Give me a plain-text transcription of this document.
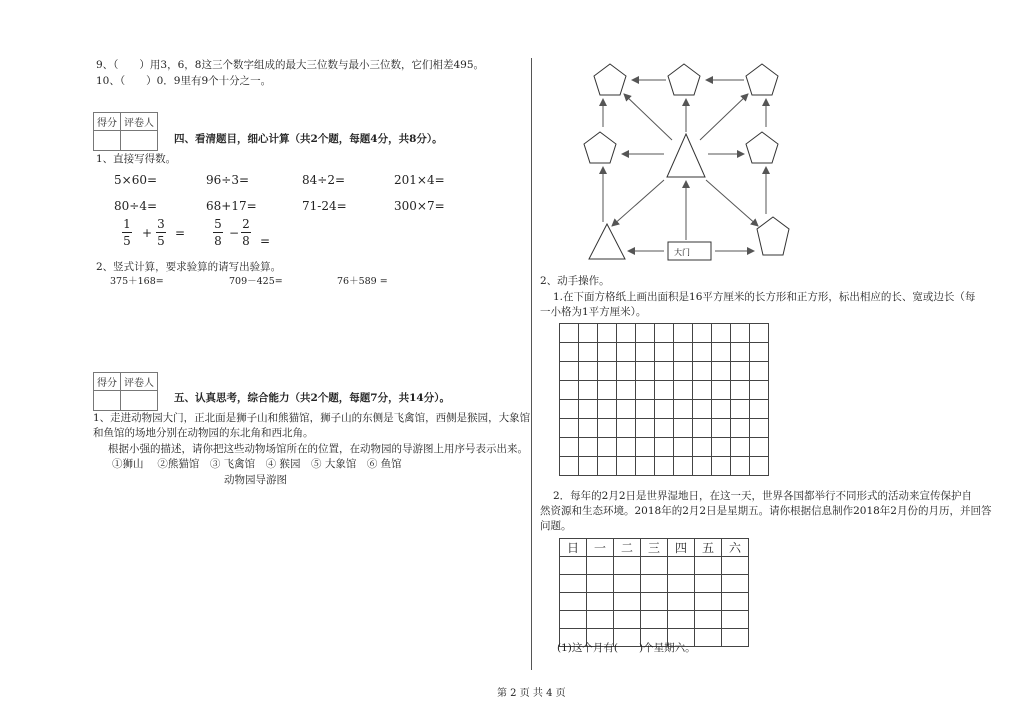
9、（　　）用3，6，8这三个数字组成的最大三位数与最小三位数，它们相差495。
10、（　　）0．9里有9个十分之一。
得分	评卷人

四、看清题目，细心计算（共2个题，每题4分，共8分）。
1、直接写得数。
5×60=	96÷3=	84÷2=	201×4=
80÷4=	68+17=	71-24=	300×7=
1
5
+
3
5
=
5
8
−
2
8 =
2、竖式计算，要求验算的请写出验算。
375＋168=	709－425=	76＋589 =
得分	评卷人

五、认真思考，综合能力（共2个题，每题7分，共14分）。
1、走进动物园大门，正北面是狮子山和熊猫馆，狮子山的东侧是飞禽馆，西侧是猴园，大象馆
和鱼馆的场地分别在动物园的东北角和西北角。
根据小强的描述，请你把这些动物场馆所在的位置，在动物园的导游图上用序号表示出来。
①狮山　 ②熊猫馆　③ 飞禽馆　④ 猴园　⑤ 大象馆　⑥ 鱼馆
动物园导游图
大门
2、动手操作。
1.在下面方格纸上画出面积是16平方厘米的长方形和正方形，标出相应的长、宽或边长（每
一小格为1平方厘米）。

2．每年的2月2日是世界湿地日，在这一天，世界各国都举行不同形式的活动来宣传保护自
然资源和生态环境。2018年的2月2日是星期五。请你根据信息制作2018年2月份的月历，并回答
问题。
日	一	二	三	四	五	六

(1)这个月有(　　)个星期六。
第 2 页 共 4 页
